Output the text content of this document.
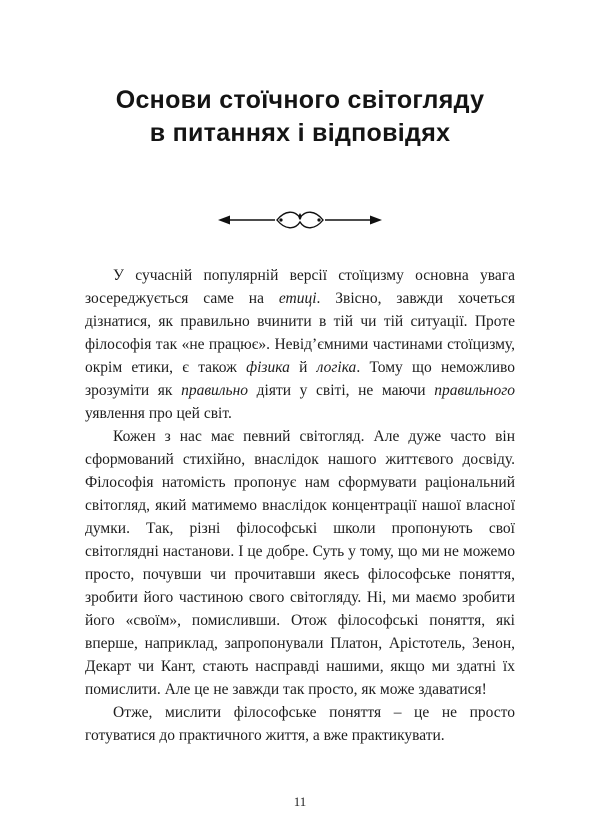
Основи стоїчного світогляду
в питаннях і відповідях

У сучасній популярній версії стоїцизму основна увага зосереджується саме на етиці. Звісно, завжди хочеться дізнатися, як правильно вчинити в тій чи тій ситуації. Проте філософія так «не працює». Невід’ємними частинами стоїцизму, окрім етики, є також фізика й логіка. Тому що неможливо зрозуміти як правильно діяти у світі, не маючи правильного уявлення про цей світ.

Кожен з нас має певний світогляд. Але дуже часто він сформований стихійно, внаслідок нашого життєвого досвіду. Філософія натомість пропонує нам сформувати раціональний світогляд, який матимемо внаслідок концентрації нашої власної думки. Так, різні філософські школи пропонують свої світоглядні настанови. І це добре. Суть у тому, що ми не можемо просто, почувши чи прочитавши якесь філософське поняття, зробити його частиною свого світогляду. Ні, ми маємо зробити його «своїм», помисливши. Отож філософські поняття, які вперше, наприклад, запропонували Платон, Арістотель, Зенон, Декарт чи Кант, стають насправді нашими, якщо ми здатні їх помислити. Але це не завжди так просто, як може здаватися!

Отже, мислити філософське поняття – це не просто готуватися до практичного життя, а вже практикувати.

11
